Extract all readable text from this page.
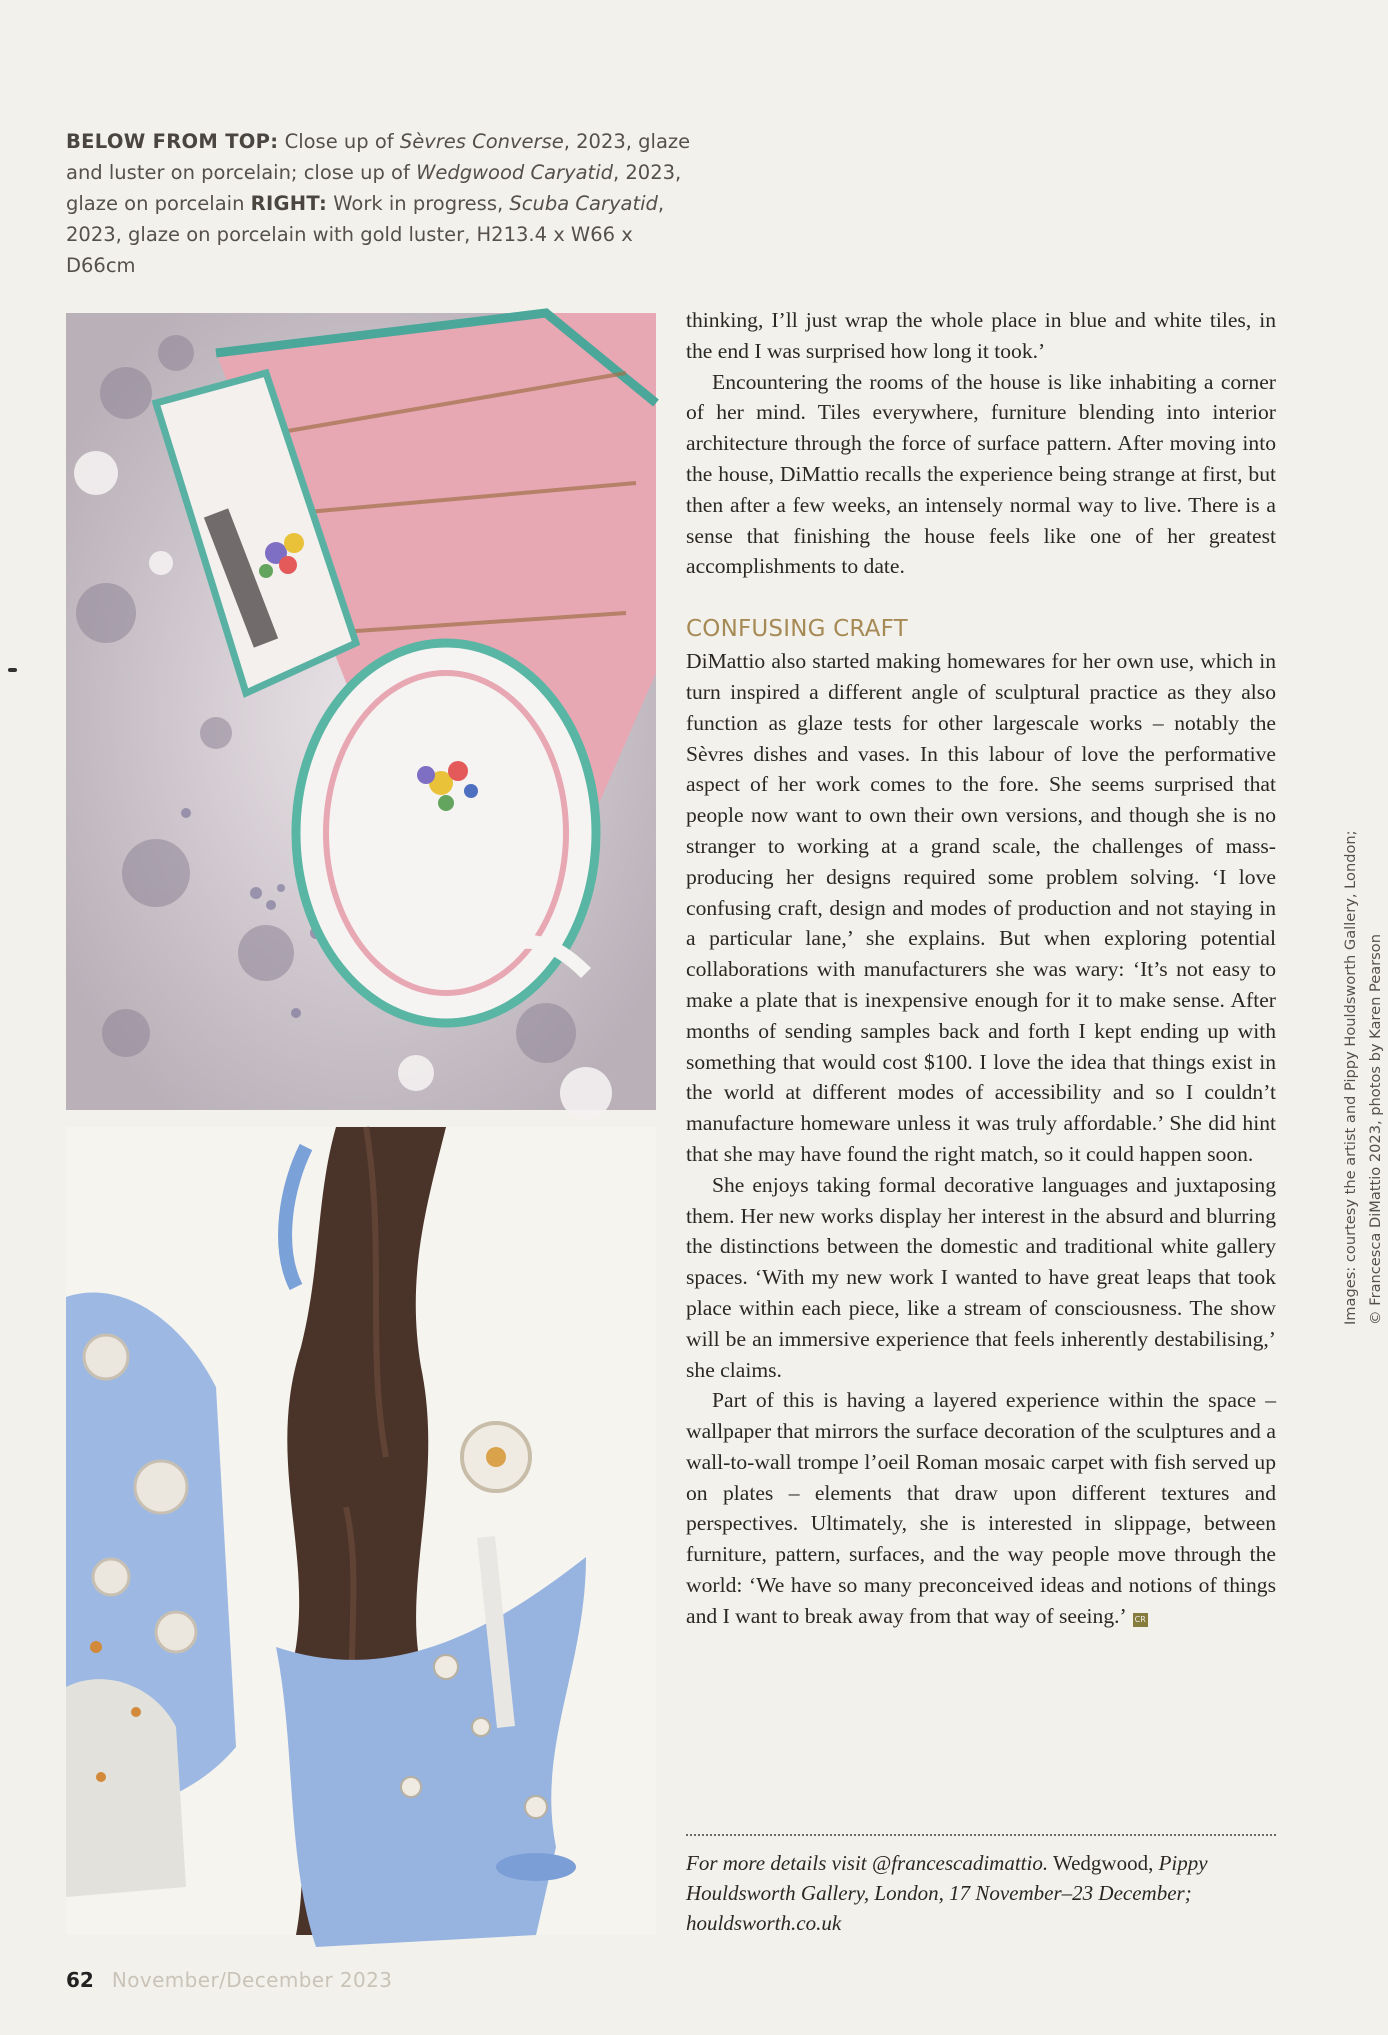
BELOW FROM TOP: Close up of Sèvres Converse, 2023, glaze
and luster on porcelain; close up of Wedgwood Caryatid, 2023,
glaze on porcelain RIGHT: Work in progress, Scuba Caryatid,
2023, glaze on porcelain with gold luster, H213.4 x W66 x D66cm

thinking, I’ll just wrap the whole place in blue and white tiles, in the end I was surprised how long it took.’

Encountering the rooms of the house is like inhabiting a corner of her mind. Tiles everywhere, furniture blending into interior architecture through the force of surface pattern. After moving into the house, DiMattio recalls the experience being strange at first, but then after a few weeks, an intensely normal way to live. There is a sense that finishing the house feels like one of her greatest accomplishments to date.

CONFUSING CRAFT

DiMattio also started making homewares for her own use, which in turn inspired a different angle of sculptural practice as they also function as glaze tests for other largescale works – notably the Sèvres dishes and vases. In this labour of love the performative aspect of her work comes to the fore. She seems surprised that people now want to own their own versions, and though she is no stranger to working at a grand scale, the challenges of mass-producing her designs required some problem solving. ‘I love confusing craft, design and modes of production and not staying in a particular lane,’ she explains. But when exploring potential collaborations with manufacturers she was wary: ‘It’s not easy to make a plate that is inexpensive enough for it to make sense. After months of sending samples back and forth I kept ending up with something that would cost $100. I love the idea that things exist in the world at different modes of accessibility and so I couldn’t manufacture homeware unless it was truly affordable.’ She did hint that she may have found the right match, so it could happen soon.

She enjoys taking formal decorative languages and juxtaposing them. Her new works display her interest in the absurd and blurring the distinctions between the domestic and traditional white gallery spaces. ‘With my new work I wanted to have great leaps that took place within each piece, like a stream of consciousness. The show will be an immersive experience that feels inherently destabilising,’ she claims.

Part of this is having a layered experience within the space – wallpaper that mirrors the surface decoration of the sculptures and a wall-to-wall trompe l’oeil Roman mosaic carpet with fish served up on plates – elements that draw upon different textures and perspectives. Ultimately, she is interested in slippage, between furniture, pattern, surfaces, and the way people move through the world: ‘We have so many preconceived ideas and notions of things and I want to break away from that way of seeing.’ CR

For more details visit @francescadimattio. Wedgwood, Pippy Houldsworth Gallery, London, 17 November–23 December; houldsworth.co.uk
Images: courtesy the artist and Pippy Houldsworth Gallery, London; © Francesca DiMattio 2023, photos by Karen Pearson
62 November/December 2023
